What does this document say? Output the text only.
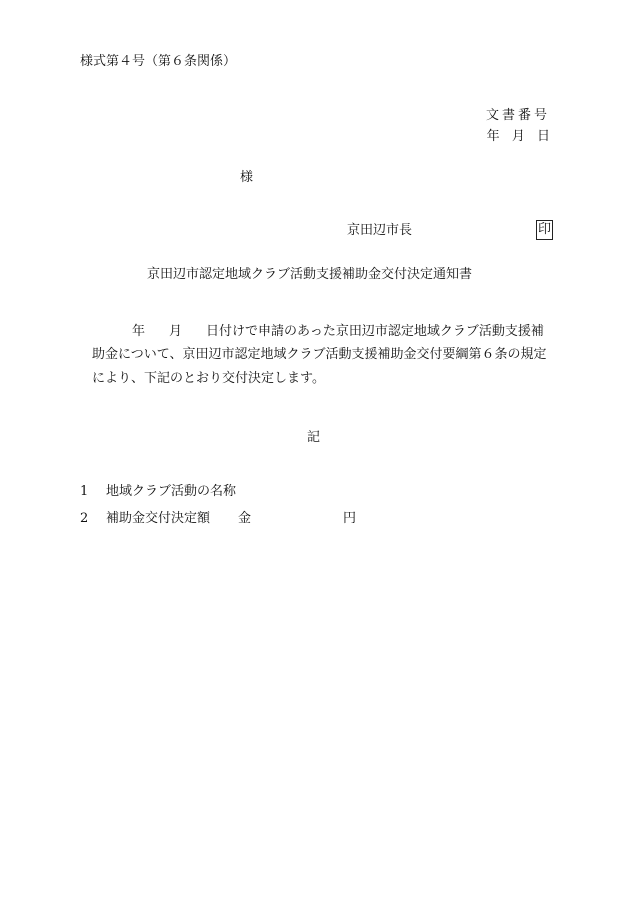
様式第４号（第６条関係）
文書番号
年 月 日
様
京田辺市長	印
京田辺市認定地域クラブ活動支援補助金交付決定通知書
年 月 日付けで申請のあった京田辺市認定地域クラブ活動支援補助金について、京田辺市認定地域クラブ活動支援補助金交付要綱第６条の規定により、下記のとおり交付決定します。
記
1 地域クラブ活動の名称
2 補助金交付決定額 金	円
